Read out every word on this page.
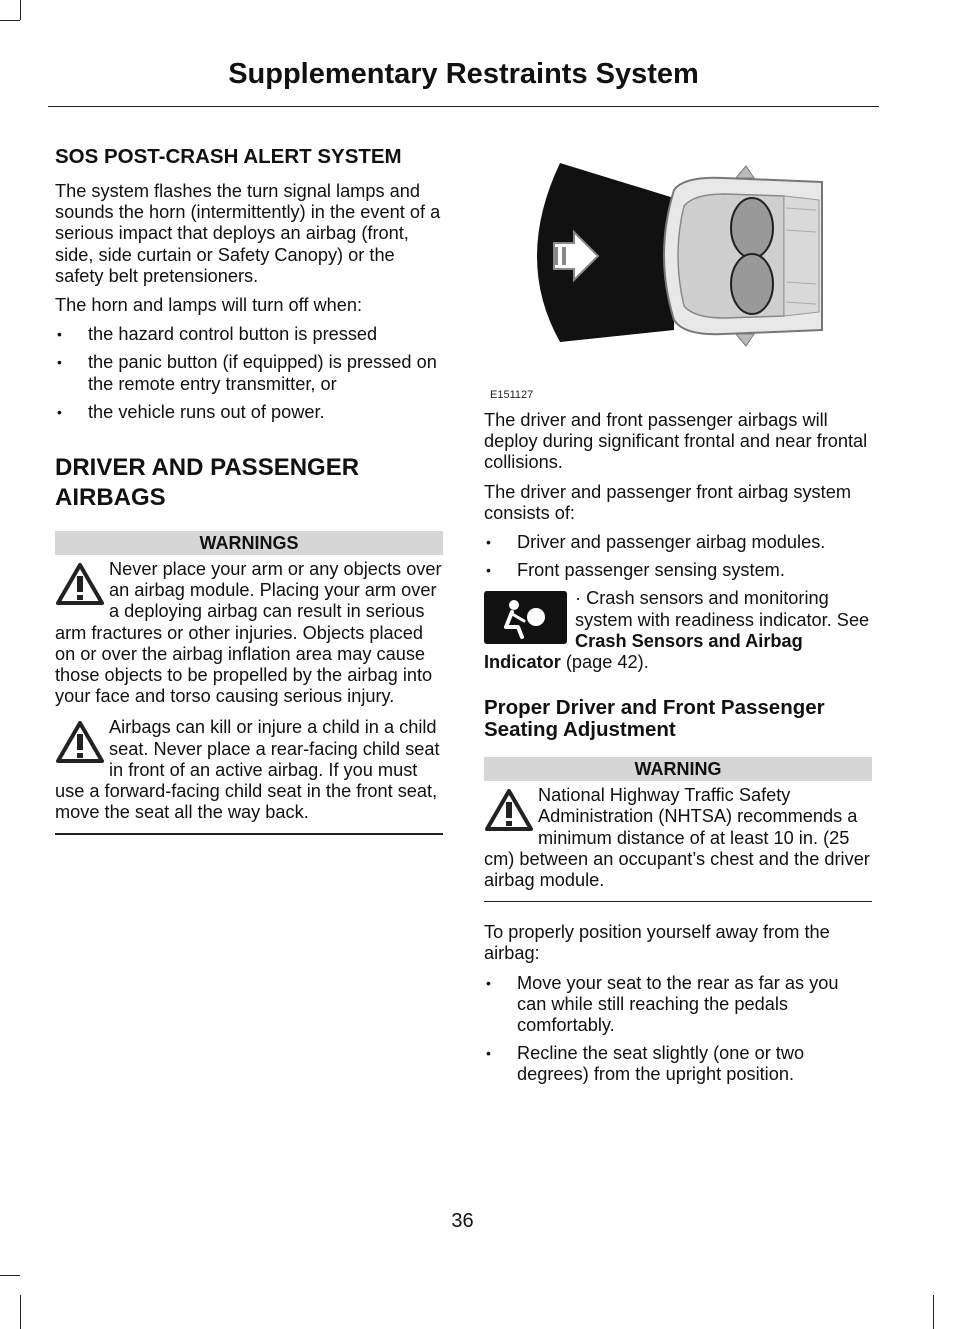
Supplementary Restraints System
SOS POST-CRASH ALERT SYSTEM

The system flashes the turn signal lamps and sounds the horn (intermittently) in the event of a serious impact that deploys an airbag (front, side, side curtain or Safety Canopy) or the safety belt pretensioners.

The horn and lamps will turn off when:

• the hazard control button is pressed
• the panic button (if equipped) is pressed on the remote entry transmitter, or
• the vehicle runs out of power.
DRIVER AND PASSENGER AIRBAGS
WARNINGS
Never place your arm or any objects over an airbag module. Placing your arm over a deploying airbag can result in serious arm fractures or other injuries. Objects placed on or over the airbag inflation area may cause those objects to be propelled by the airbag into your face and torso causing serious injury.
Airbags can kill or injure a child in a child seat. Never place a rear-facing child seat in front of an active airbag. If you must use a forward-facing child seat in the front seat, move the seat all the way back.
E151127

The driver and front passenger airbags will deploy during significant frontal and near frontal collisions.

The driver and passenger front airbag system consists of:

• Driver and passenger airbag modules.
• Front passenger sensing system.

· Crash sensors and monitoring system with readiness indicator. See Crash Sensors and Airbag Indicator (page 42).

Proper Driver and Front Passenger Seating Adjustment
WARNING
National Highway Traffic Safety Administration (NHTSA) recommends a minimum distance of at least 10 in. (25 cm) between an occupant’s chest and the driver airbag module.

To properly position yourself away from the airbag:

• Move your seat to the rear as far as you can while still reaching the pedals comfortably.
• Recline the seat slightly (one or two degrees) from the upright position.
36
